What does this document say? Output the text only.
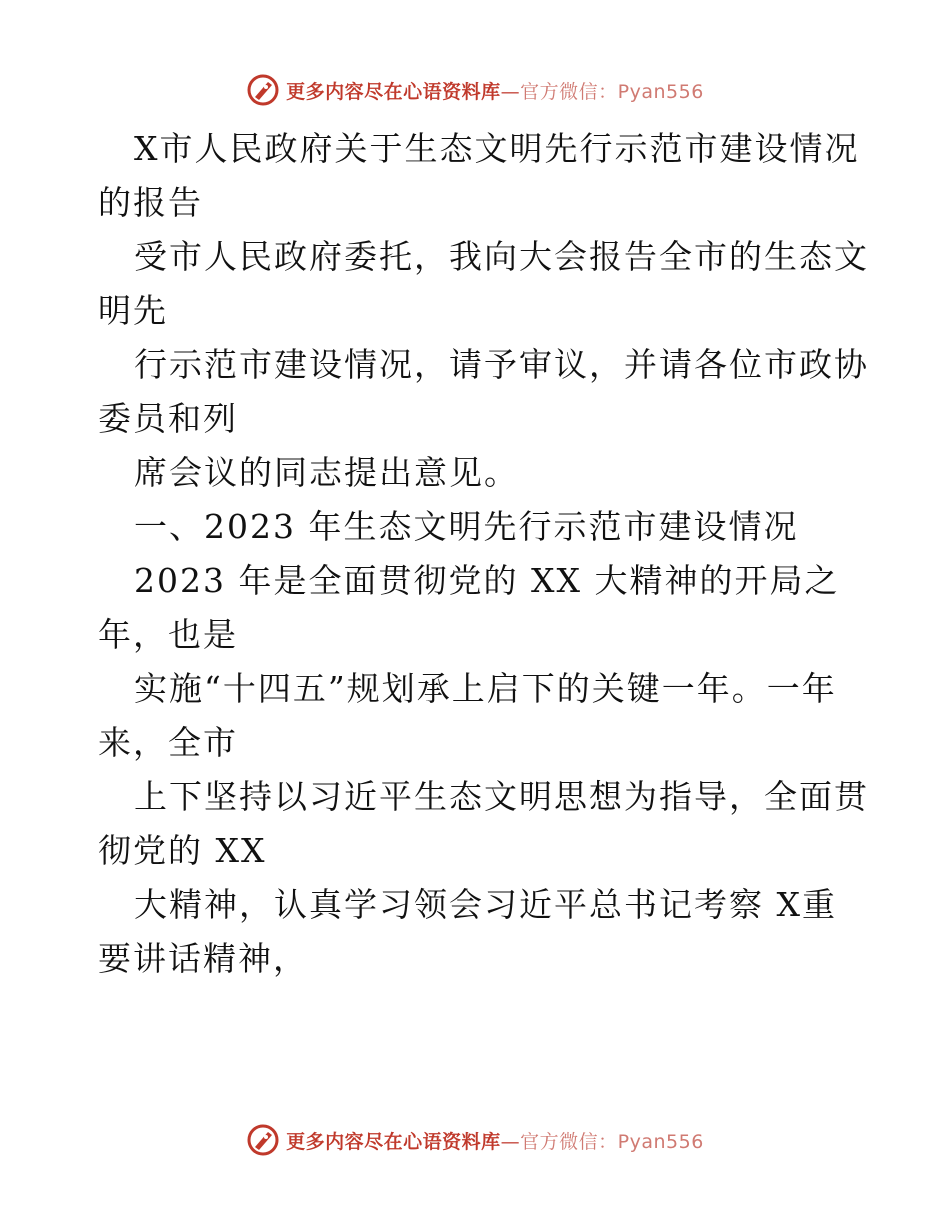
更多内容尽在心语资料库—官方微信：Pyan556
X市人民政府关于生态文明先行示范市建设情况
的报告
受市人民政府委托，我向大会报告全市的生态文
明先
行示范市建设情况，请予审议，并请各位市政协
委员和列
席会议的同志提出意见。
一、2023 年生态文明先行示范市建设情况
2023 年是全面贯彻党的 XX 大精神的开局之
年，也是
实施“十四五”规划承上启下的关键一年。一年
来，全市
上下坚持以习近平生态文明思想为指导，全面贯
彻党的 XX
大精神，认真学习领会习近平总书记考察 X重
要讲话精神，
更多内容尽在心语资料库—官方微信：Pyan556
